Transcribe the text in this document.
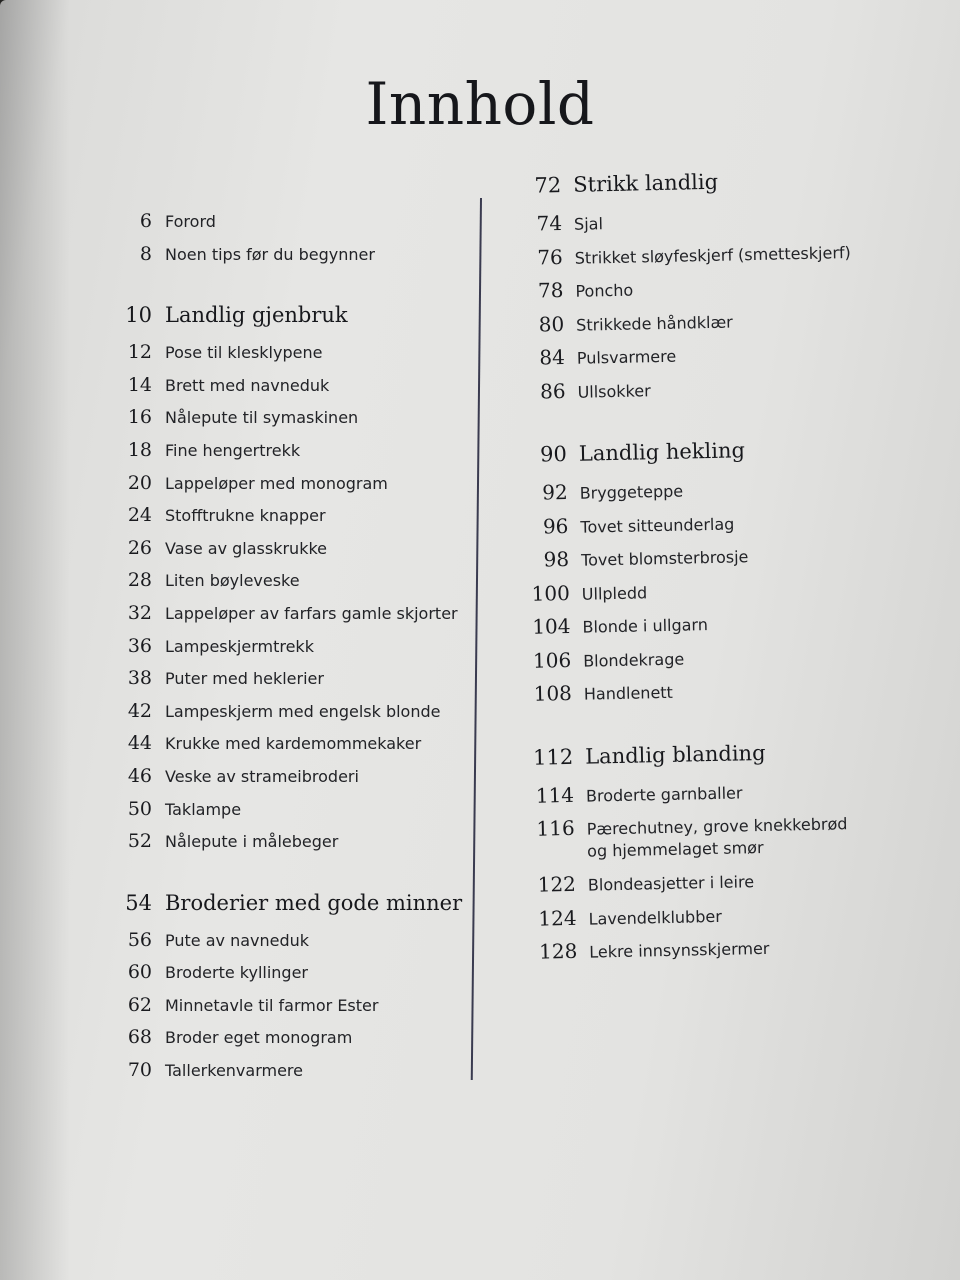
Innhold
6 Forord
8 Noen tips før du begynner
10 Landlig gjenbruk
12 Pose til klesklypene
14 Brett med navneduk
16 Nålepute til symaskinen
18 Fine hengertrekk
20 Lappeløper med monogram
24 Stofftrukne knapper
26 Vase av glasskrukke
28 Liten bøyleveske
32 Lappeløper av farfars gamle skjorter
36 Lampeskjermtrekk
38 Puter med heklerier
42 Lampeskjerm med engelsk blonde
44 Krukke med kardemommekaker
46 Veske av strameibroderi
50 Taklampe
52 Nålepute i målebeger
54 Broderier med gode minner
56 Pute av navneduk
60 Broderte kyllinger
62 Minnetavle til farmor Ester
68 Broder eget monogram
70 Tallerkenvarmere
72 Strikk landlig
74 Sjal
76 Strikket sløyfeskjerf (smetteskjerf)
78 Poncho
80 Strikkede håndklær
84 Pulsvarmere
86 Ullsokker
90 Landlig hekling
92 Bryggeteppe
96 Tovet sitteunderlag
98 Tovet blomsterbrosje
100 Ullpledd
104 Blonde i ullgarn
106 Blondekrage
108 Handlenett
112 Landlig blanding
114 Broderte garnballer
116 Pærechutney, grove knekkebrød
og hjemmelaget smør
122 Blondeasjetter i leire
124 Lavendelklubber
128 Lekre innsynsskjermer
